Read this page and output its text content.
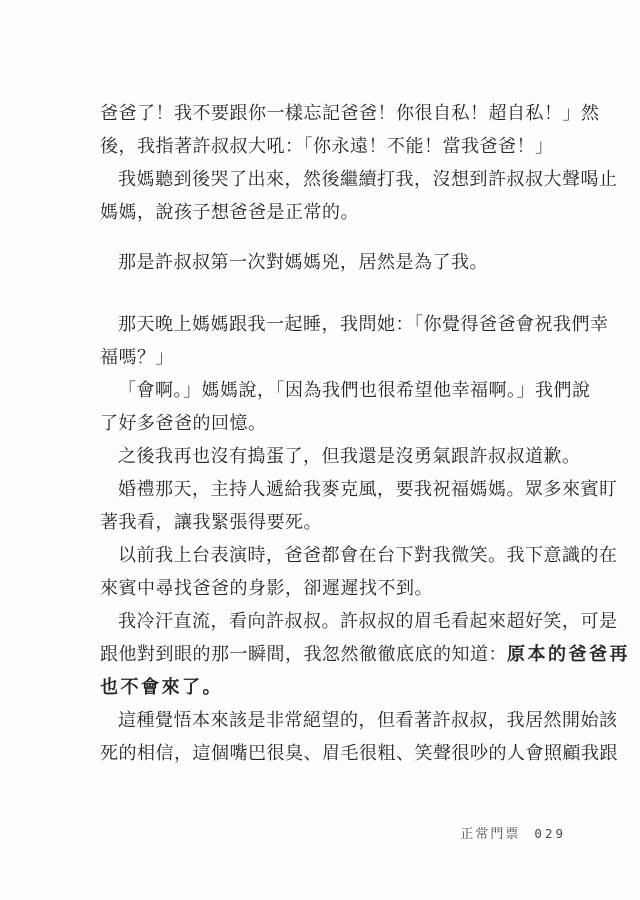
爸爸了！我不要跟你一樣忘記爸爸！你很自私！超自私！」然
後，我指著許叔叔大吼：「你永遠！不能！當我爸爸！」
我媽聽到後哭了出來，然後繼續打我，沒想到許叔叔大聲喝止
媽媽，說孩子想爸爸是正常的。
那是許叔叔第一次對媽媽兇，居然是為了我。
那天晚上媽媽跟我一起睡，我問她：「你覺得爸爸會祝我們幸
福嗎？」
「會啊。」媽媽說，「因為我們也很希望他幸福啊。」我們說
了好多爸爸的回憶。
之後我再也沒有搗蛋了，但我還是沒勇氣跟許叔叔道歉。
婚禮那天，主持人遞給我麥克風，要我祝福媽媽。眾多來賓盯
著我看，讓我緊張得要死。
以前我上台表演時，爸爸都會在台下對我微笑。我下意識的在
來賓中尋找爸爸的身影，卻遲遲找不到。
我冷汗直流，看向許叔叔。許叔叔的眉毛看起來超好笑，可是
跟他對到眼的那一瞬間，我忽然徹徹底底的知道：原本的爸爸再
也不會來了。
這種覺悟本來該是非常絕望的，但看著許叔叔，我居然開始該
死的相信，這個嘴巴很臭、眉毛很粗、笑聲很吵的人會照顧我跟
正常門票 029
